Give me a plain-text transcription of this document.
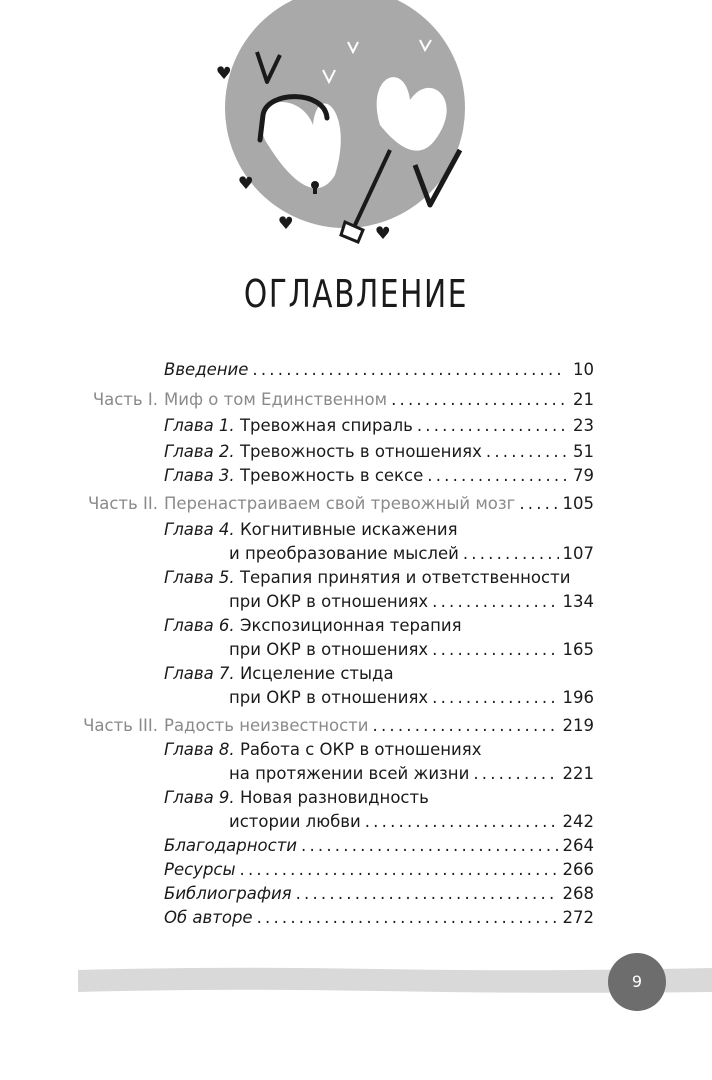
ОГЛАВЛЕНИЕ
Введение .....	10
Часть I. Миф о том Единственном .....	21
Глава 1.
Тревожная спираль .....	23
Глава 2.
Тревожность в отношениях .....	51
Глава 3.
Тревожность в сексе .....	79
Часть II. Перенастраиваем свой тревожный мозг .....	105
Глава 4.
Когнитивные искажения
и преобразование мыслей .....	107
Глава 5.
Терапия принятия и ответственности
при ОКР в отношениях .....	134
Глава 6.
Экспозиционная терапия
при ОКР в отношениях .....	165
Глава 7.
Исцеление стыда
при ОКР в отношениях .....	196
Часть III. Радость неизвестности .....	219
Глава 8.
Работа с ОКР в отношениях
на протяжении всей жизни .....	221
Глава 9.
Новая разновидность
истории любви .....	242
Благодарности .....	264
Ресурсы .....	266
Библиография .....	268
Об авторе .....	272
9
